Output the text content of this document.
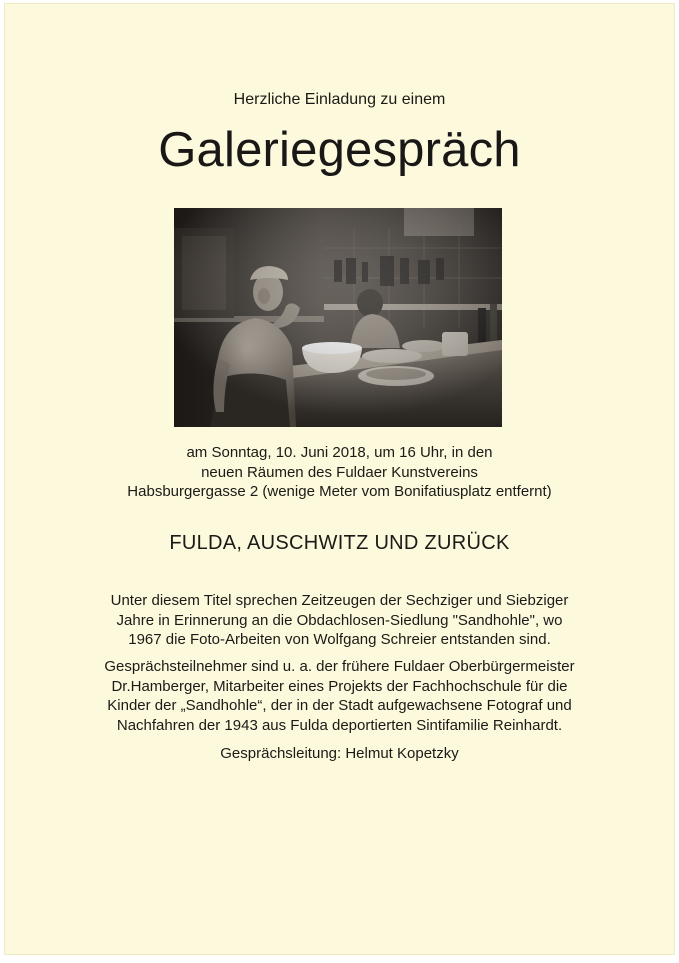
Herzliche Einladung zu einem

Galeriegespräch
am Sonntag, 10. Juni 2018, um 16 Uhr, in den
neuen Räumen des Fuldaer Kunstvereins
Habsburgergasse 2 (wenige Meter vom Bonifatiusplatz entfernt)
FULDA, AUSCHWITZ UND ZURÜCK
Unter diesem Titel sprechen Zeitzeugen der Sechziger und Siebziger
Jahre in Erinnerung an die Obdachlosen-Siedlung "Sandhohle", wo
1967 die Foto-Arbeiten von Wolfgang Schreier entstanden sind.
Gesprächsteilnehmer sind u. a. der frühere Fuldaer Oberbürgermeister
Dr.Hamberger, Mitarbeiter eines Projekts der Fachhochschule für die
Kinder der „Sandhohle“, der in der Stadt aufgewachsene Fotograf und
Nachfahren der 1943 aus Fulda deportierten Sintifamilie Reinhardt.

Gesprächsleitung: Helmut Kopetzky
